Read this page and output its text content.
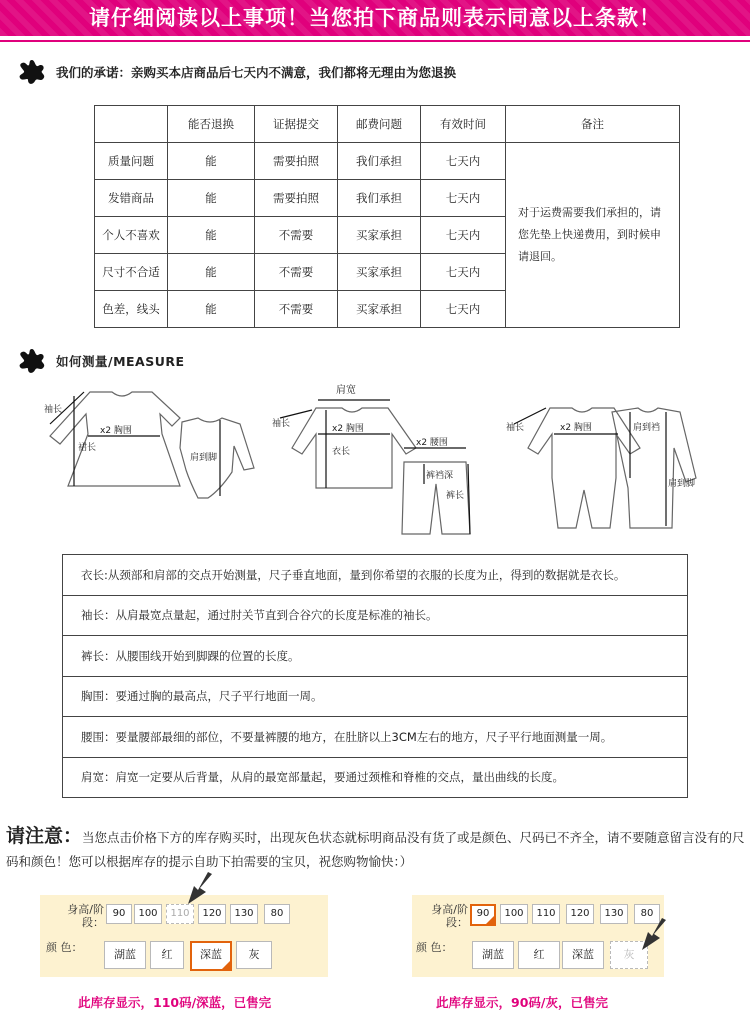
请仔细阅读以上事项！当您拍下商品则表示同意以上条款！
我们的承诺：亲购买本店商品后七天内不满意，我们都将无理由为您退换
	能否退换	证据提交	邮费问题	有效时间	备注
质量问题	能	需要拍照	我们承担	七天内	对于运费需要我们承担的，请您先垫上快递费用，到时候申请退回。
发错商品	能	需要拍照	我们承担	七天内	
个人不喜欢	能	不需要	买家承担	七天内	
尺寸不合适	能	不需要	买家承担	七天内	
色差，线头	能	不需要	买家承担	七天内	
如何测量/MEASURE
袖长
x2 胸围
裙长
肩到脚
肩宽
袖长	x2 胸围
衣长
x2 腰围
裤裆深
裤长
袖长	x2 胸围	肩到裆
肩到脚
衣长:从颈部和肩部的交点开始测量，尺子垂直地面，量到你希望的衣服的长度为止，得到的数据就是衣长。
袖长：从肩最宽点量起，通过肘关节直到合谷穴的长度是标准的袖长。
裤长：从腰围线开始到脚踝的位置的长度。
胸围：要通过胸的最高点，尺子平行地面一周。
腰围：要量腰部最细的部位，不要量裤腰的地方，在肚脐以上3CM左右的地方，尺子平行地面测量一周。
肩宽：肩宽一定要从后背量，从肩的最宽部量起，要通过颈椎和脊椎的交点，量出曲线的长度。
请注意：当您点击价格下方的库存购买时，出现灰色状态就标明商品没有货了或是颜色、尺码已不齐全，请不要随意留言没有的尺码和颜色！您可以根据库存的提示自助下拍需要的宝贝，祝您购物愉快：）
身高/阶段：
90	100	110	120	130	80
颜 色：
湖蓝	红	深蓝	灰
此库存显示，110码/深蓝，已售完
身高/阶段：
90	100	110	120	130	80
颜 色：
湖蓝	红	深蓝	灰
此库存显示，90码/灰，已售完
